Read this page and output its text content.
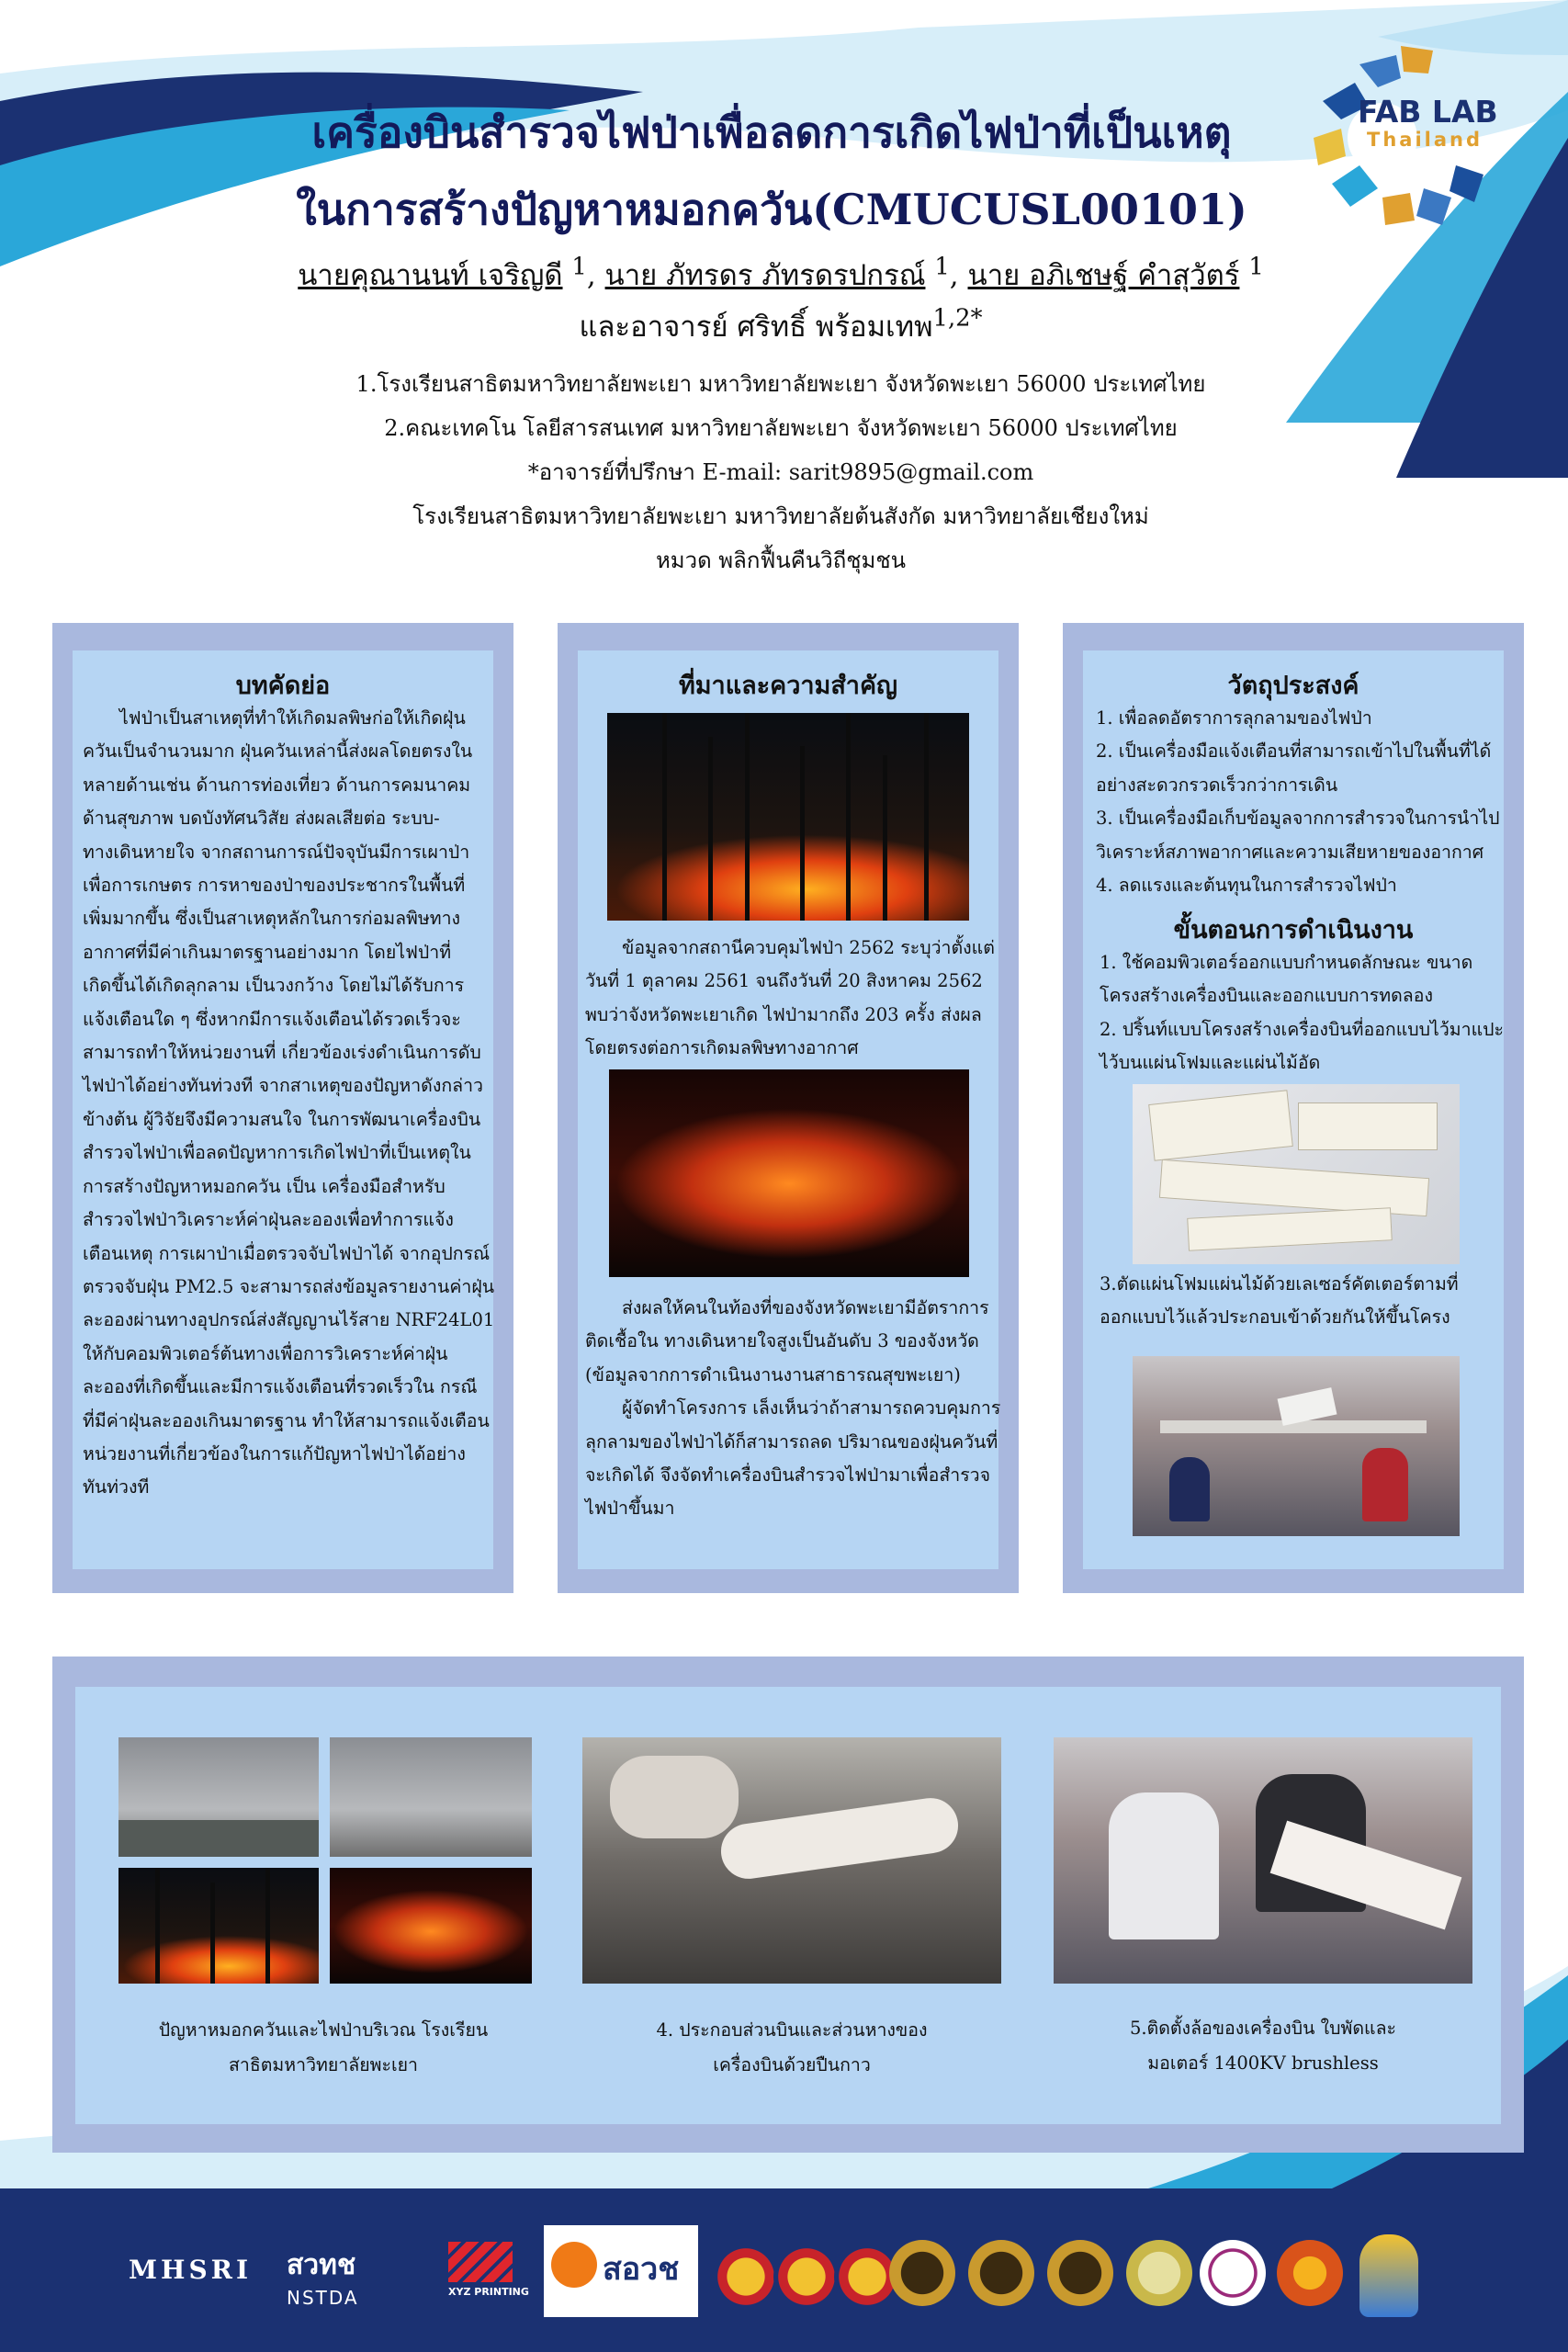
FAB LAB
Thailand
เครื่องบินสำรวจไฟป่าเพื่อลดการเกิดไฟป่าที่เป็นเหตุ
ในการสร้างปัญหาหมอกควัน(CMUCUSL00101)
นายคุณานนท์ เจริญดี $^1$, นาย ภัทรดร ภัทรดรปกรณ์ $^1$, นาย อภิเชษฐ์ คำสุวัตร์ $^1$
และอาจารย์ ศริทธิ์ พร้อมเทพ$^{1,2*}$
1.โรงเรียนสาธิตมหาวิทยาลัยพะเยา มหาวิทยาลัยพะเยา จังหวัดพะเยา 56000 ประเทศไทย
2.คณะเทคโน โลยีสารสนเทศ มหาวิทยาลัยพะเยา จังหวัดพะเยา 56000 ประเทศไทย
*อาจารย์ที่ปรึกษา E-mail: sarit9895@gmail.com
โรงเรียนสาธิตมหาวิทยาลัยพะเยา มหาวิทยาลัยต้นสังกัด มหาวิทยาลัยเชียงใหม่
หมวด พลิกฟื้นคืนวิถีชุมชน
บทคัดย่อ

ไฟป่าเป็นสาเหตุที่ทำให้เกิดมลพิษก่อให้เกิดฝุ่น

ควันเป็นจำนวนมาก ฝุ่นควันเหล่านี้ส่งผลโดยตรงใน

หลายด้านเช่น ด้านการท่องเที่ยว ด้านการคมนาคม

ด้านสุขภาพ บดบังทัศนวิสัย ส่งผลเสียต่อ ระบบ-

ทางเดินหายใจ จากสถานการณ์ปัจจุบันมีการเผาป่า

เพื่อการเกษตร การหาของป่าของประชากรในพื้นที่

เพิ่มมากขึ้น ซึ่งเป็นสาเหตุหลักในการก่อมลพิษทาง

อากาศที่มีค่าเกินมาตรฐานอย่างมาก โดยไฟป่าที่

เกิดขึ้นได้เกิดลุกลาม เป็นวงกว้าง โดยไม่ได้รับการ

แจ้งเตือนใด ๆ ซึ่งหากมีการแจ้งเตือนได้รวดเร็วจะ

สามารถทำให้หน่วยงานที่ เกี่ยวข้องเร่งดำเนินการดับ

ไฟป่าได้อย่างทันท่วงที จากสาเหตุของปัญหาดังกล่าว

ข้างต้น ผู้วิจัยจึงมีความสนใจ ในการพัฒนาเครื่องบิน

สำรวจไฟป่าเพื่อลดปัญหาการเกิดไฟป่าที่เป็นเหตุใน

การสร้างปัญหาหมอกควัน เป็น เครื่องมือสำหรับ

สำรวจไฟป่าวิเคราะห์ค่าฝุ่นละอองเพื่อทำการแจ้ง

เตือนเหตุ การเผาป่าเมื่อตรวจจับไฟป่าได้ จากอุปกรณ์

ตรวจจับฝุ่น PM2.5 จะสามารถส่งข้อมูลรายงานค่าฝุ่น

ละอองผ่านทางอุปกรณ์ส่งสัญญานไร้สาย NRF24L01

ให้กับคอมพิวเตอร์ต้นทางเพื่อการวิเคราะห์ค่าฝุ่น

ละอองที่เกิดขึ้นและมีการแจ้งเตือนที่รวดเร็วใน กรณี

ที่มีค่าฝุ่นละอองเกินมาตรฐาน ทำให้สามารถแจ้งเตือน

หน่วยงานที่เกี่ยวข้องในการแก้ปัญหาไฟป่าได้อย่าง

ทันท่วงที

ที่มาและความสำคัญ

ข้อมูลจากสถานีควบคุมไฟป่า 2562 ระบุว่าตั้งแต่

วันที่ 1 ตุลาคม 2561 จนถึงวันที่ 20 สิงหาคม 2562

พบว่าจังหวัดพะเยาเกิด ไฟป่ามากถึง 203 ครั้ง ส่งผล

โดยตรงต่อการเกิดมลพิษทางอากาศ

ส่งผลให้คนในท้องที่ของจังหวัดพะเยามีอัตราการ

ติดเชื้อใน ทางเดินหายใจสูงเป็นอันดับ 3 ของจังหวัด

(ข้อมูลจากการดำเนินงานงานสาธารณสุขพะเยา)

ผู้จัดทำโครงการ เล็งเห็นว่าถ้าสามารถควบคุมการ

ลุกลามของไฟป่าได้ก็สามารถลด ปริมาณของฝุ่นควันที่

จะเกิดได้ จึงจัดทำเครื่องบินสำรวจไฟป่ามาเพื่อสำรวจ

ไฟป่าขึ้นมา

วัตถุประสงค์

1. เพื่อลดอัตราการลุกลามของไฟป่า

2. เป็นเครื่องมือแจ้งเตือนที่สามารถเข้าไปในพื้นที่ได้

อย่างสะดวกรวดเร็วกว่าการเดิน

3. เป็นเครื่องมือเก็บข้อมูลจากการสำรวจในการนำไป

วิเคราะห์สภาพอากาศและความเสียหายของอากาศ

4. ลดแรงและต้นทุนในการสำรวจไฟป่า

ขั้นตอนการดำเนินงาน

1. ใช้คอมพิวเตอร์ออกแบบกำหนดลักษณะ ขนาด

โครงสร้างเครื่องบินและออกแบบการทดลอง

2. ปริ้นท์แบบโครงสร้างเครื่องบินที่ออกแบบไว้มาแปะ

ไว้บนแผ่นโฟมและแผ่นไม้อัด

3.ตัดแผ่นโฟมแผ่นไม้ด้วยเลเซอร์คัตเตอร์ตามที่

ออกแบบไว้แล้วประกอบเข้าด้วยกันให้ขึ้นโครง

ปัญหาหมอกควันและไฟป่าบริเวณ โรงเรียน
สาธิตมหาวิทยาลัยพะเยา
4. ประกอบส่วนบินและส่วนหางของ
เครื่องบินด้วยปืนกาว
5.ติดตั้งล้อของเครื่องบิน ใบพัดและ
มอเตอร์ 1400KV brushless
MHSRI	สวทช
NSTDA	XYZ PRINTING
สอวช
